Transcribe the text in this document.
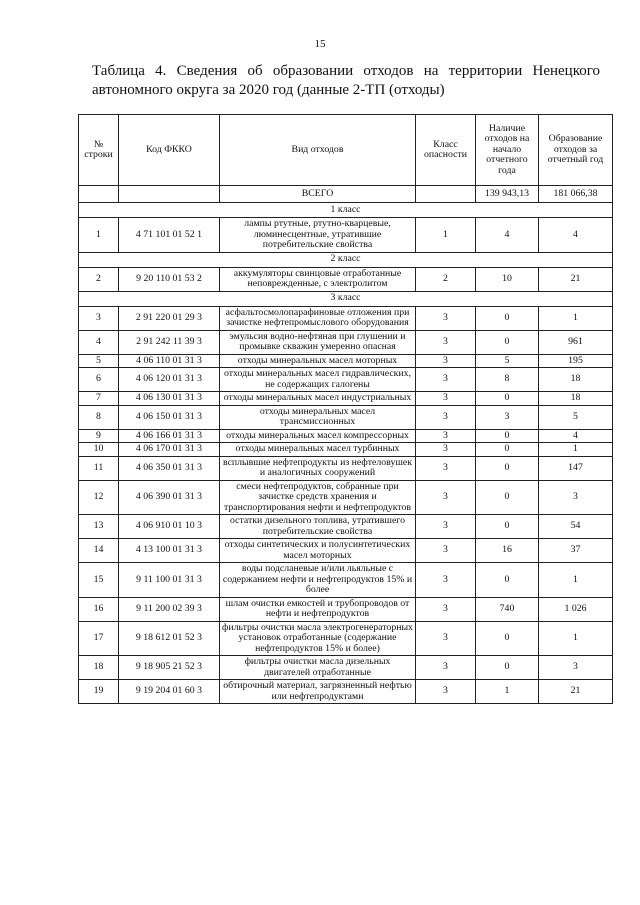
15
Таблица 4. Сведения об образовании отходов на территории Ненецкого автономного округа за 2020 год (данные 2-ТП (отходы)
№ строки	Код ФККО	Вид отходов	Класс опасности	Наличие отходов на начало отчетного года	Образование отходов за отчетный год
		ВСЕГО		139 943,13	181 066,38
1 класс					
1	4 71 101 01 52 1	лампы ртутные, ртутно-кварцевые, люминесцентные, утратившие потребительские свойства	1	4	4
2 класс					
2	9 20 110 01 53 2	аккумуляторы свинцовые отработанные неповрежденные, с электролитом	2	10	21
3 класс					
3	2 91 220 01 29 3	асфальтосмолопарафиновые отложения при зачистке нефтепромыслового оборудования	3	0	1
4	2 91 242 11 39 3	эмульсия водно-нефтяная при глушении и промывке скважин умеренно опасная	3	0	961
5	4 06 110 01 31 3	отходы минеральных масел моторных	3	5	195
6	4 06 120 01 31 3	отходы минеральных масел гидравлических, не содержащих галогены	3	8	18
7	4 06 130 01 31 3	отходы минеральных масел индустриальных	3	0	18
8	4 06 150 01 31 3	отходы минеральных масел трансмиссионных	3	3	5
9	4 06 166 01 31 3	отходы минеральных масел компрессорных	3	0	4
10	4 06 170 01 31 3	отходы минеральных масел турбинных	3	0	1
11	4 06 350 01 31 3	всплывшие нефтепродукты из нефтеловушек и аналогичных сооружений	3	0	147
12	4 06 390 01 31 3	смеси нефтепродуктов, собранные при зачистке средств хранения и транспортирования нефти и нефтепродуктов	3	0	3
13	4 06 910 01 10 3	остатки дизельного топлива, утратившего потребительские свойства	3	0	54
14	4 13 100 01 31 3	отходы синтетических и полусинтетических масел моторных	3	16	37
15	9 11 100 01 31 3	воды подсланевые и/или льяльные с содержанием нефти и нефтепродуктов 15% и более	3	0	1
16	9 11 200 02 39 3	шлам очистки емкостей и трубопроводов от нефти и нефтепродуктов	3	740	1 026
17	9 18 612 01 52 3	фильтры очистки масла электрогенераторных установок отработанные (содержание нефтепродуктов 15% и более)	3	0	1
18	9 18 905 21 52 3	фильтры очистки масла дизельных двигателей отработанные	3	0	3
19	9 19 204 01 60 3	обтирочный материал, загрязненный нефтью или нефтепродуктами	3	1	21
